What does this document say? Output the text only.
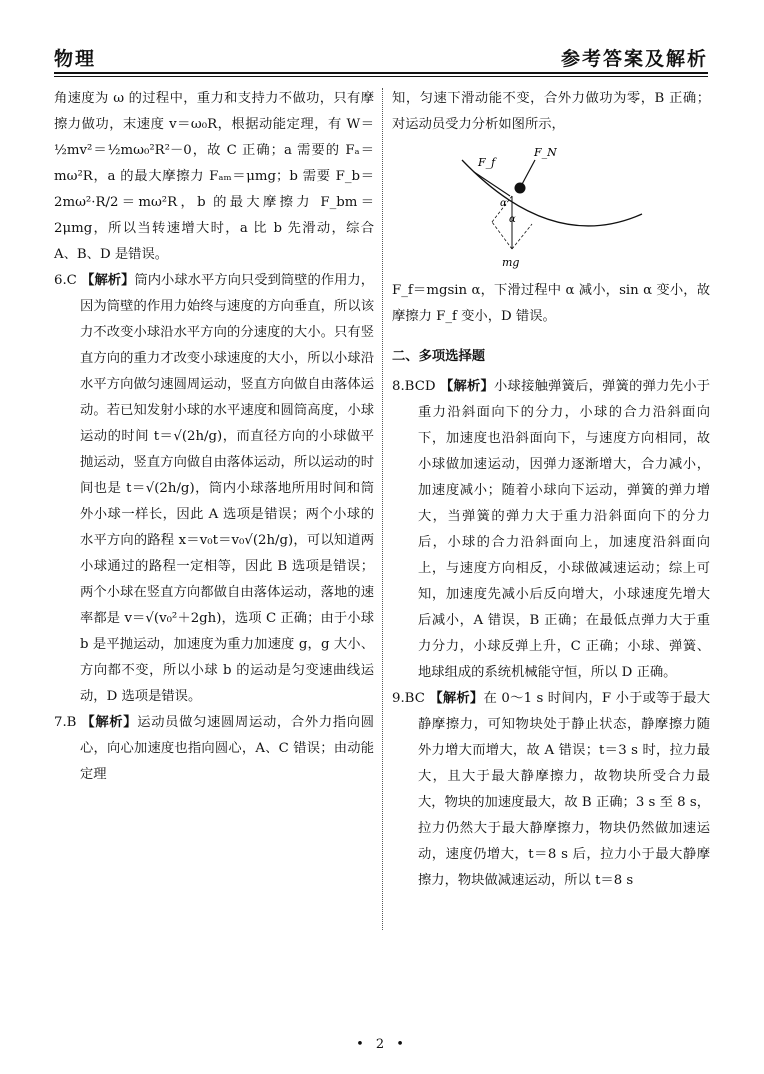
物理	参考答案及解析

角速度为 ω 的过程中，重力和支持力不做功，只有摩擦力做功，末速度 v＝ω₀R，根据动能定理，有 W＝½mv²＝½mω₀²R²－0，故 C 正确；a 需要的 Fₐ＝mω²R，a 的最大摩擦力 Fₐₘ＝μmg；b 需要 F_b＝2mω²·R/2＝mω²R，b 的最大摩擦力 F_bm＝2μmg，所以当转速增大时，a 比 b 先滑动，综合 A、B、D 是错误。

6.C 【解析】筒内小球水平方向只受到筒壁的作用力，因为筒壁的作用力始终与速度的方向垂直，所以该力不改变小球沿水平方向的分速度的大小。只有竖直方向的重力才改变小球速度的大小，所以小球沿水平方向做匀速圆周运动，竖直方向做自由落体运动。若已知发射小球的水平速度和圆筒高度，小球运动的时间 t＝√(2h/g)，而直径方向的小球做平抛运动，竖直方向做自由落体运动，所以运动的时间也是 t＝√(2h/g)，筒内小球落地所用时间和筒外小球一样长，因此 A 选项是错误；两个小球的水平方向的路程 x＝v₀t＝v₀√(2h/g)，可以知道两小球通过的路程一定相等，因此 B 选项是错误；两个小球在竖直方向都做自由落体运动，落地的速率都是 v＝√(v₀²＋2gh)，选项 C 正确；由于小球 b 是平抛运动，加速度为重力加速度 g，g 大小、方向都不变，所以小球 b 的运动是匀变速曲线运动，D 选项是错误。

7.B 【解析】运动员做匀速圆周运动，合外力指向圆心，向心加速度也指向圆心，A、C 错误；由动能定理

知，匀速下滑动能不变，合外力做功为零，B 正确；对运动员受力分析如图所示，

F_f
F_N
α
α
mg

F_f＝mgsin α，下滑过程中 α 减小，sin α 变小，故摩擦力 F_f 变小，D 错误。

二、多项选择题

8.BCD 【解析】小球接触弹簧后，弹簧的弹力先小于重力沿斜面向下的分力，小球的合力沿斜面向下，加速度也沿斜面向下，与速度方向相同，故小球做加速运动，因弹力逐渐增大，合力减小，加速度减小；随着小球向下运动，弹簧的弹力增大，当弹簧的弹力大于重力沿斜面向下的分力后，小球的合力沿斜面向上，加速度沿斜面向上，与速度方向相反，小球做减速运动；综上可知，加速度先减小后反向增大，小球速度先增大后减小，A 错误，B 正确；在最低点弹力大于重力分力，小球反弹上升，C 正确；小球、弹簧、地球组成的系统机械能守恒，所以 D 正确。

9.BC 【解析】在 0～1 s 时间内，F 小于或等于最大静摩擦力，可知物块处于静止状态，静摩擦力随外力增大而增大，故 A 错误；t＝3 s 时，拉力最大，且大于最大静摩擦力，故物块所受合力最大，物块的加速度最大，故 B 正确；3 s 至 8 s，拉力仍然大于最大静摩擦力，物块仍然做加速运动，速度仍增大，t＝8 s 后，拉力小于最大静摩擦力，物块做减速运动，所以 t＝8 s

• 2 •
